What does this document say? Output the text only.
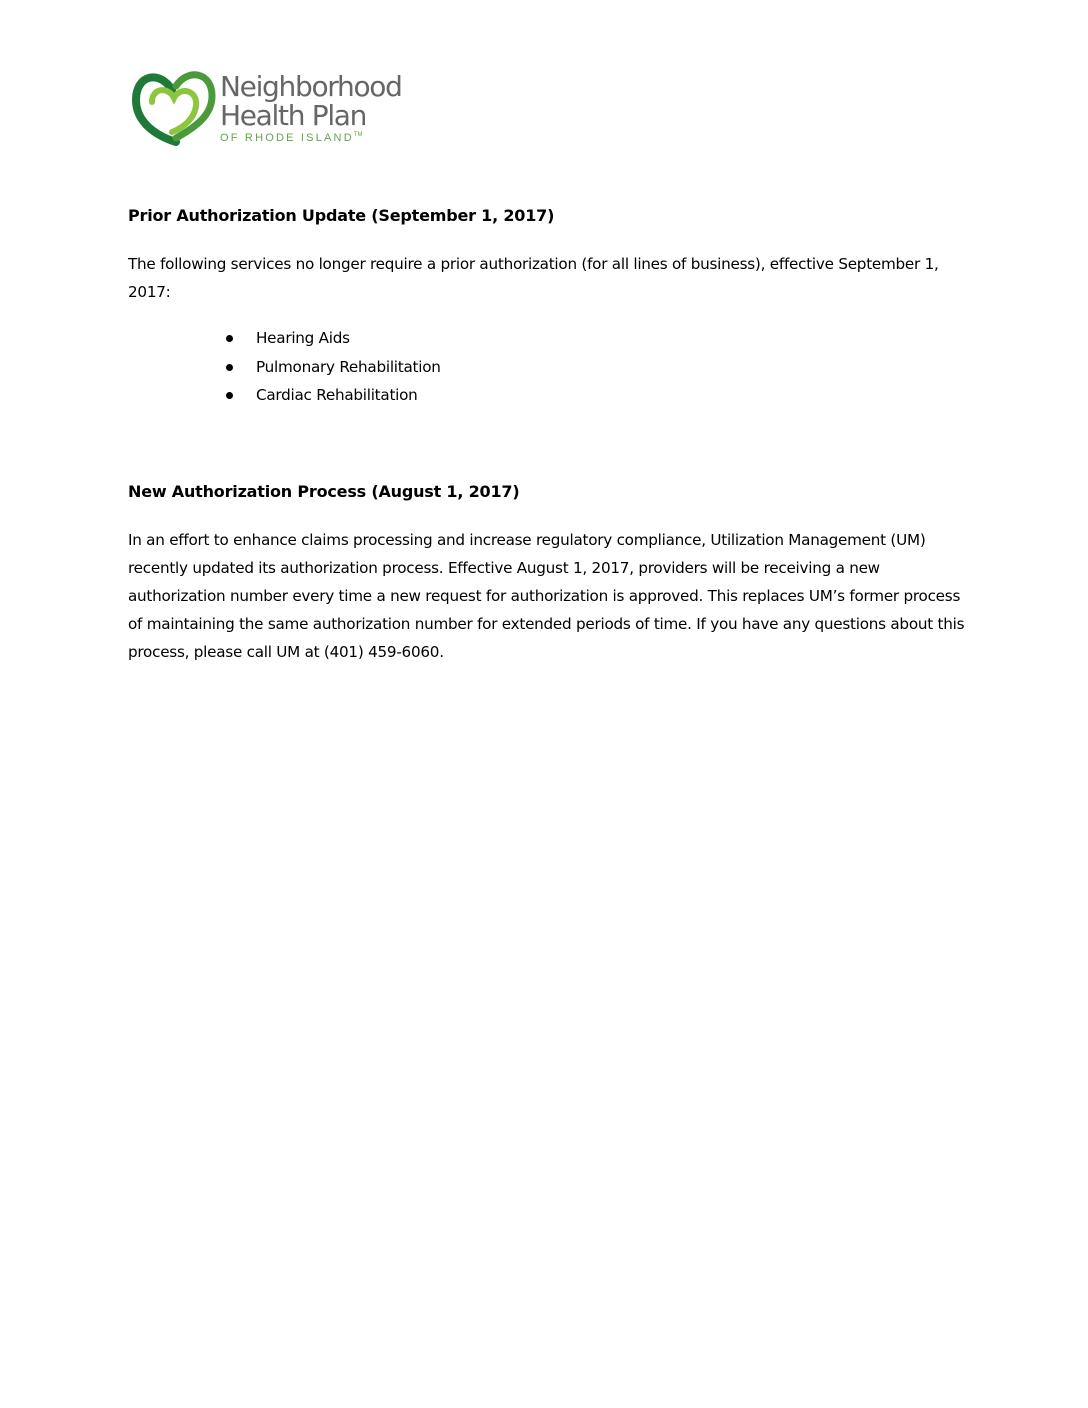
Neighborhood
Health Plan
OF RHODE ISLAND™
Prior Authorization Update (September 1, 2017)

The following services no longer require a prior authorization (for all lines of business), effective September 1, 2017:

Hearing Aids
Pulmonary Rehabilitation
Cardiac Rehabilitation
New Authorization Process (August 1, 2017)

In an effort to enhance claims processing and increase regulatory compliance, Utilization Management (UM) recently updated its authorization process. Effective August 1, 2017, providers will be receiving a new authorization number every time a new request for authorization is approved. This replaces UM’s former process of maintaining the same authorization number for extended periods of time. If you have any questions about this process, please call UM at (401) 459-6060.
